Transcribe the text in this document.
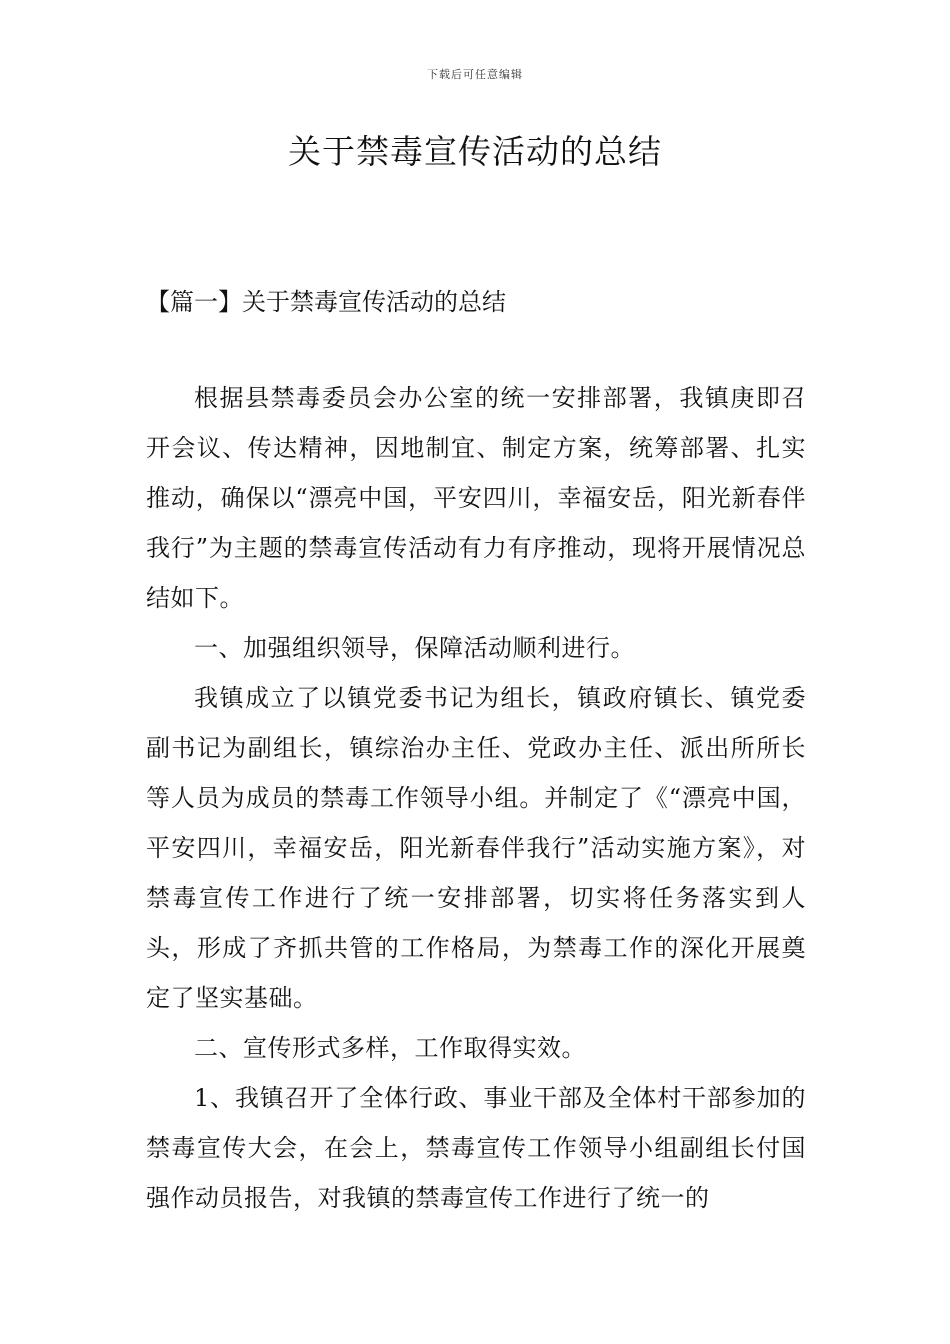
下载后可任意编辑
关于禁毒宣传活动的总结
【篇一】关于禁毒宣传活动的总结

根据县禁毒委员会办公室的统一安排部署，我镇庚即召开会议、传达精神，因地制宜、制定方案，统筹部署、扎实推动，确保以“漂亮中国，平安四川，幸福安岳，阳光新春伴我行”为主题的禁毒宣传活动有力有序推动，现将开展情况总结如下。

一、加强组织领导，保障活动顺利进行。

我镇成立了以镇党委书记为组长，镇政府镇长、镇党委副书记为副组长，镇综治办主任、党政办主任、派出所所长等人员为成员的禁毒工作领导小组。并制定了《“漂亮中国，平安四川，幸福安岳，阳光新春伴我行”活动实施方案》，对禁毒宣传工作进行了统一安排部署，切实将任务落实到人头，形成了齐抓共管的工作格局，为禁毒工作的深化开展奠定了坚实基础。

二、宣传形式多样，工作取得实效。

1、我镇召开了全体行政、事业干部及全体村干部参加的禁毒宣传大会，在会上，禁毒宣传工作领导小组副组长付国强作动员报告，对我镇的禁毒宣传工作进行了统一的
